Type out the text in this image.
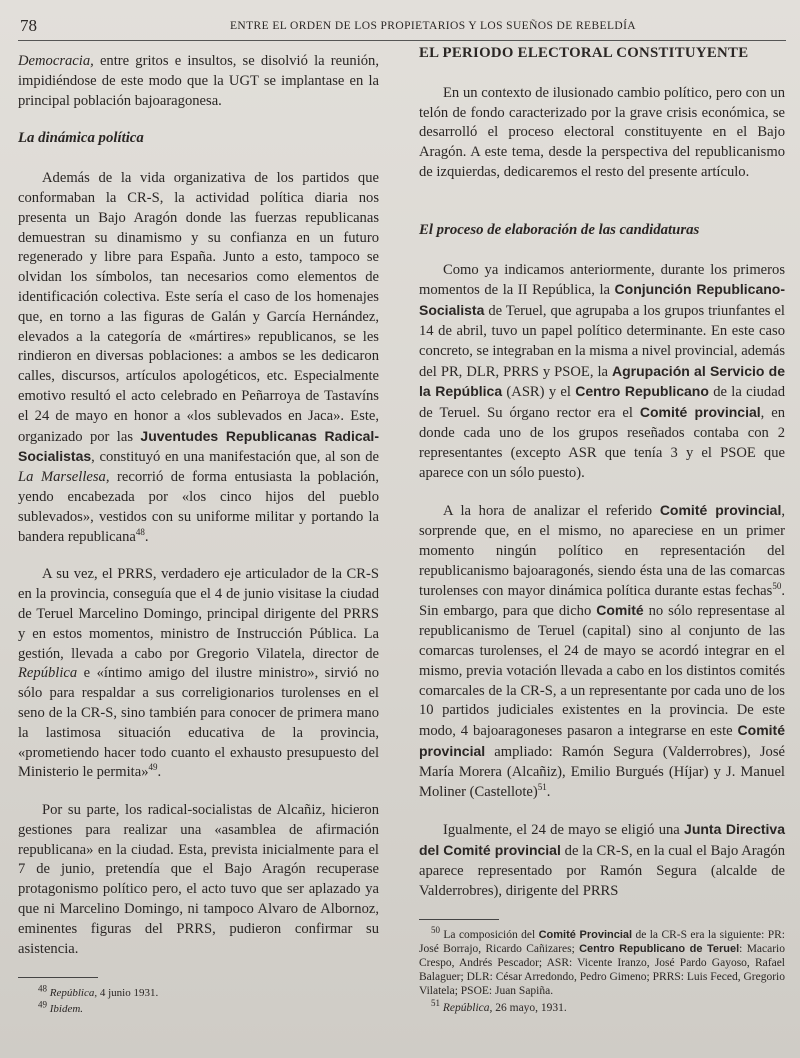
78	ENTRE EL ORDEN DE LOS PROPIETARIOS Y LOS SUEÑOS DE REBELDÍA

Democracia, entre gritos e insultos, se disolvió la reunión, impidiéndose de este modo que la UGT se implantase en la principal población bajoaragonesa.

La dinámica política

Además de la vida organizativa de los partidos que conformaban la CR-S, la actividad política diaria nos presenta un Bajo Aragón donde las fuerzas republicanas demuestran su dinamismo y su confianza en un futuro regenerado y libre para España. Junto a esto, tampoco se olvidan los símbolos, tan necesarios como elementos de identificación colectiva. Este sería el caso de los homenajes que, en torno a las figuras de Galán y García Hernández, elevados a la categoría de «mártires» republicanos, se les rindieron en diversas poblaciones: a ambos se les dedicaron calles, discursos, artículos apologéticos, etc. Especialmente emotivo resultó el acto celebrado en Peñarroya de Tastavíns el 24 de mayo en honor a «los sublevados en Jaca». Este, organizado por las Juventudes Republicanas Radical-Socialistas, constituyó en una manifestación que, al son de La Marsellesa, recorrió de forma entusiasta la población, yendo encabezada por «los cinco hijos del pueblo sublevados», vestidos con su uniforme militar y portando la bandera republicana$^{48}$.

A su vez, el PRRS, verdadero eje articulador de la CR-S en la provincia, conseguía que el 4 de junio visitase la ciudad de Teruel Marcelino Domingo, principal dirigente del PRRS y en estos momentos, ministro de Instrucción Pública. La gestión, llevada a cabo por Gregorio Vilatela, director de República e «íntimo amigo del ilustre ministro», sirvió no sólo para respaldar a sus correligionarios turolenses en el seno de la CR-S, sino también para conocer de primera mano la lastimosa situación educativa de la provincia, «prometiendo hacer todo cuanto el exhausto presupuesto del Ministerio le permita»$^{49}$.

Por su parte, los radical-socialistas de Alcañiz, hicieron gestiones para realizar una «asamblea de afirmación republicana» en la ciudad. Esta, prevista inicialmente para el 7 de junio, pretendía que el Bajo Aragón recuperase protagonismo político pero, el acto tuvo que ser aplazado ya que ni Marcelino Domingo, ni tampoco Alvaro de Albornoz, eminentes figuras del PRRS, pudieron confirmar su asistencia.

$^{48}$ República, 4 junio 1931.
$^{49}$ Ibidem.
EL PERIODO ELECTORAL CONSTITUYENTE

En un contexto de ilusionado cambio político, pero con un telón de fondo caracterizado por la grave crisis económica, se desarrolló el proceso electoral constituyente en el Bajo Aragón. A este tema, desde la perspectiva del republicanismo de izquierdas, dedicaremos el resto del presente artículo.

El proceso de elaboración de las candidaturas

Como ya indicamos anteriormente, durante los primeros momentos de la II República, la Conjunción Republicano-Socialista de Teruel, que agrupaba a los grupos triunfantes el 14 de abril, tuvo un papel político determinante. En este caso concreto, se integraban en la misma a nivel provincial, además del PR, DLR, PRRS y PSOE, la Agrupación al Servicio de la República (ASR) y el Centro Republicano de la ciudad de Teruel. Su órgano rector era el Comité provincial, en donde cada uno de los grupos reseñados contaba con 2 representantes (excepto ASR que tenía 3 y el PSOE que aparece con un sólo puesto).

A la hora de analizar el referido Comité provincial, sorprende que, en el mismo, no apareciese en un primer momento ningún político en representación del republicanismo bajoaragonés, siendo ésta una de las comarcas turolenses con mayor dinámica política durante estas fechas$^{50}$. Sin embargo, para que dicho Comité no sólo representase al republicanismo de Teruel (capital) sino al conjunto de las comarcas turolenses, el 24 de mayo se acordó integrar en el mismo, previa votación llevada a cabo en los distintos comités comarcales de la CR-S, a un representante por cada uno de los 10 partidos judiciales existentes en la provincia. De este modo, 4 bajoaragoneses pasaron a integrarse en este Comité provincial ampliado: Ramón Segura (Valderrobres), José María Morera (Alcañiz), Emilio Burgués (Híjar) y J. Manuel Moliner (Castellote)$^{51}$.

Igualmente, el 24 de mayo se eligió una Junta Directiva del Comité provincial de la CR-S, en la cual el Bajo Aragón aparece representado por Ramón Segura (alcalde de Valderrobres), dirigente del PRRS

$^{50}$ La composición del Comité Provincial de la CR-S era la siguiente: PR: José Borrajo, Ricardo Cañizares; Centro Republicano de Teruel: Macario Crespo, Andrés Pescador; ASR: Vicente Iranzo, José Pardo Gayoso, Rafael Balaguer; DLR: César Arredondo, Pedro Gimeno; PRRS: Luis Feced, Gregorio Vilatela; PSOE: Juan Sapiña.
$^{51}$ República, 26 mayo, 1931.
